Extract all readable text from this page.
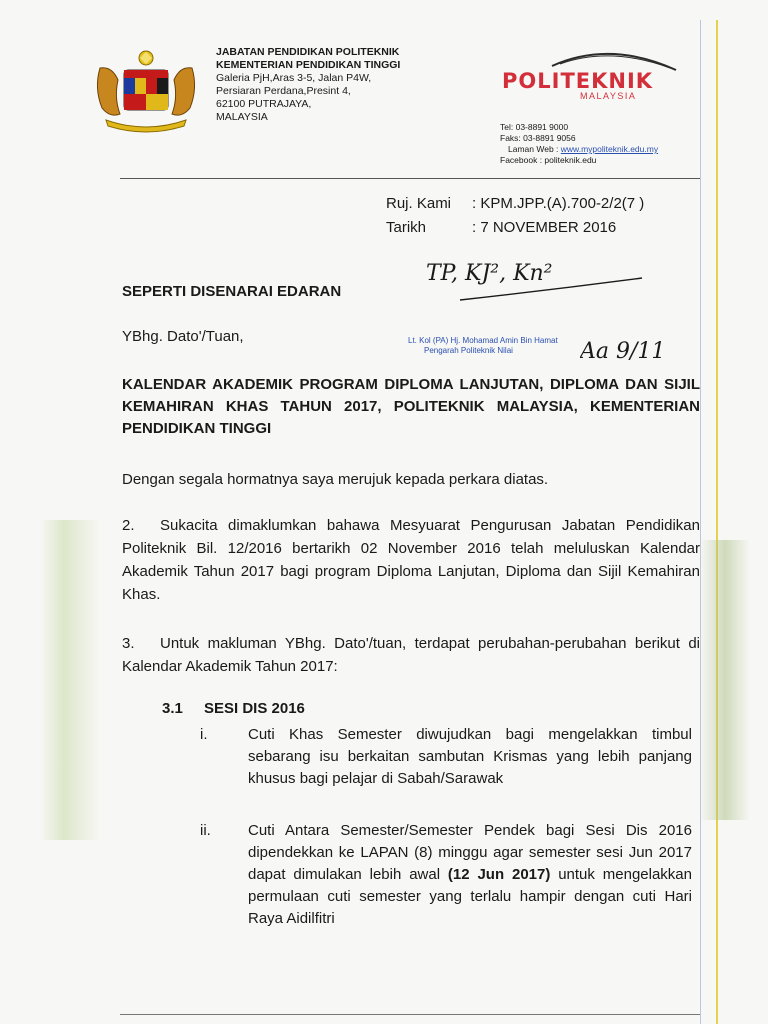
JABATAN PENDIDIKAN POLITEKNIK
KEMENTERIAN PENDIDIKAN TINGGI
Galeria PjH,Aras 3-5, Jalan P4W,
Persiaran Perdana,Presint 4,
62100 PUTRAJAYA,
MALAYSIA
POLITEKNIK
MALAYSIA
Tel: 03-8891 9000
Faks: 03-8891 9056
Laman Web : www.mypoliteknik.edu.my
Facebook : politeknik.edu
Ruj. Kami	: KPM.JPP.(A).700-2/2(7 )
Tarikh	: 7 NOVEMBER 2016
TP, KJ², Kn²
Lt. Kol (PA) Hj. Mohamad Amin Bin Hamat
Pengarah Politeknik Nilai	Aa 9/11
SEPERTI DISENARAI EDARAN
YBhg. Dato'/Tuan,
KALENDAR AKADEMIK PROGRAM DIPLOMA LANJUTAN, DIPLOMA DAN SIJIL KEMAHIRAN KHAS TAHUN 2017, POLITEKNIK MALAYSIA, KEMENTERIAN PENDIDIKAN TINGGI
Dengan segala hormatnya saya merujuk kepada perkara diatas.
2. Sukacita dimaklumkan bahawa Mesyuarat Pengurusan Jabatan Pendidikan Politeknik Bil. 12/2016 bertarikh 02 November 2016 telah meluluskan Kalendar Akademik Tahun 2017 bagi program Diploma Lanjutan, Diploma dan Sijil Kemahiran Khas.
3. Untuk makluman YBhg. Dato'/tuan, terdapat perubahan-perubahan berikut di Kalendar Akademik Tahun 2017:
3.1 SESI DIS 2016
i.	Cuti Khas Semester diwujudkan bagi mengelakkan timbul sebarang isu berkaitan sambutan Krismas yang lebih panjang khusus bagi pelajar di Sabah/Sarawak
ii.	Cuti Antara Semester/Semester Pendek bagi Sesi Dis 2016 dipendekkan ke LAPAN (8) minggu agar semester sesi Jun 2017 dapat dimulakan lebih awal (12 Jun 2017) untuk mengelakkan permulaan cuti semester yang terlalu hampir dengan cuti Hari Raya Aidilfitri
